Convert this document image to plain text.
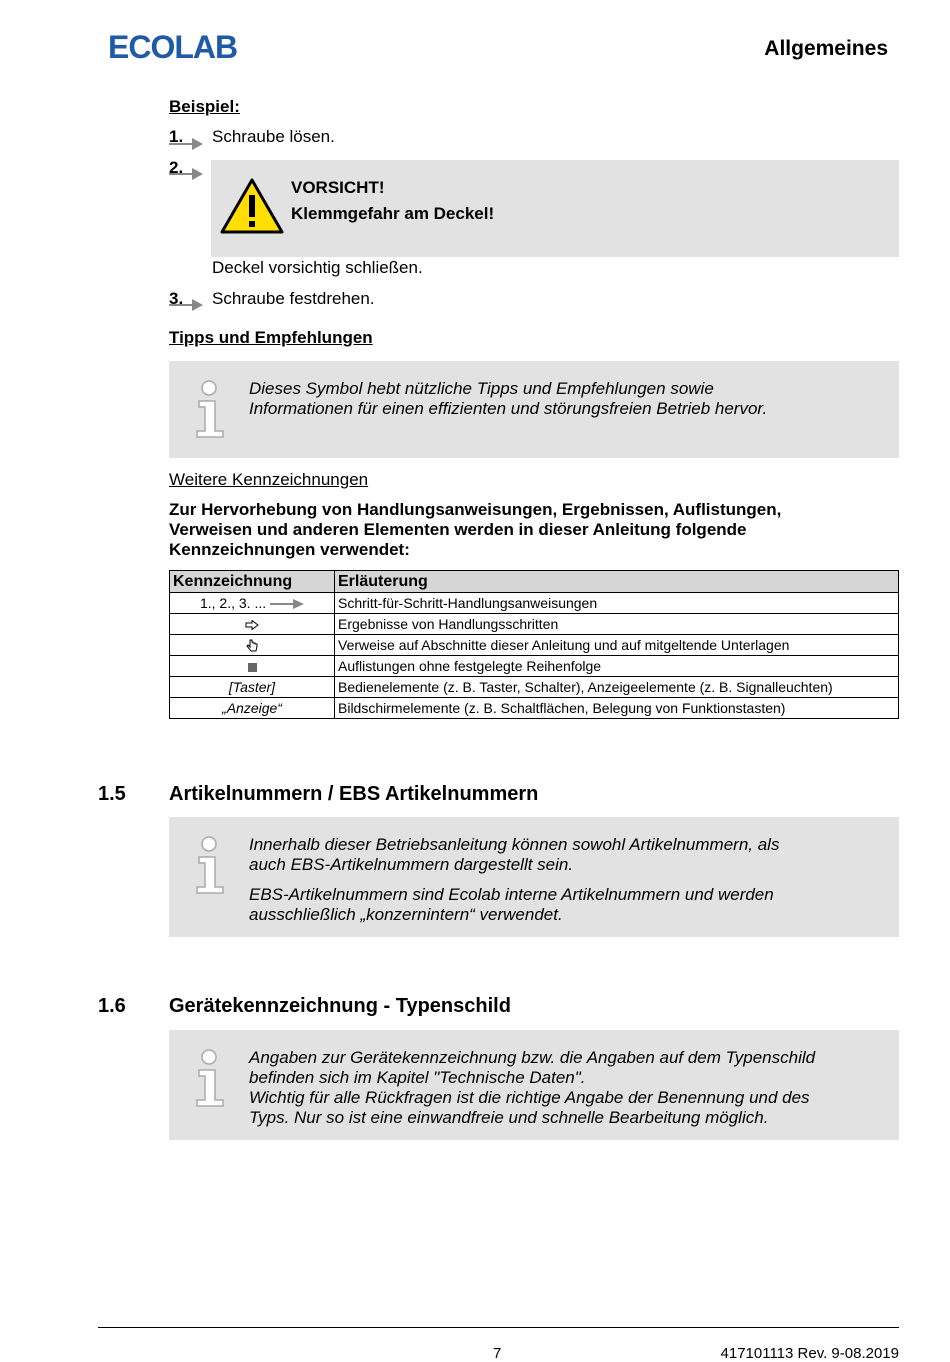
ECOLAB	Allgemeines
Beispiel:
1. Schraube lösen.
2.
VORSICHT!
Klemmgefahr am Deckel!
Deckel vorsichtig schließen.
3. Schraube festdrehen.
Tipps und Empfehlungen
Dieses Symbol hebt nützliche Tipps und Empfehlungen sowie
Informationen für einen effizienten und störungsfreien Betrieb hervor.
Weitere Kennzeichnungen
Zur Hervorhebung von Handlungsanweisungen, Ergebnissen, Auflistungen,
Verweisen und anderen Elementen werden in dieser Anleitung folgende
Kennzeichnungen verwendet:
Kennzeichnung	Erläuterung
1., 2., 3. ...	Schritt-für-Schritt-Handlungsanweisungen
	Ergebnisse von Handlungsschritten
	Verweise auf Abschnitte dieser Anleitung und auf mitgeltende Unterlagen
	Auflistungen ohne festgelegte Reihenfolge
[Taster]	Bedienelemente (z. B. Taster, Schalter), Anzeigeelemente (z. B. Signalleuchten)
„Anzeige“	Bildschirmelemente (z. B. Schaltflächen, Belegung von Funktionstasten)
1.5 Artikelnummern / EBS Artikelnummern
Innerhalb dieser Betriebsanleitung können sowohl Artikelnummern, als
auch EBS-Artikelnummern dargestellt sein.
EBS-Artikelnummern sind Ecolab interne Artikelnummern und werden
ausschließlich „konzernintern“ verwendet.
1.6 Gerätekennzeichnung - Typenschild
Angaben zur Gerätekennzeichnung bzw. die Angaben auf dem Typenschild
befinden sich im Kapitel "Technische Daten".
Wichtig für alle Rückfragen ist die richtige Angabe der Benennung und des
Typs. Nur so ist eine einwandfreie und schnelle Bearbeitung möglich.
7	417101113 Rev. 9-08.2019
